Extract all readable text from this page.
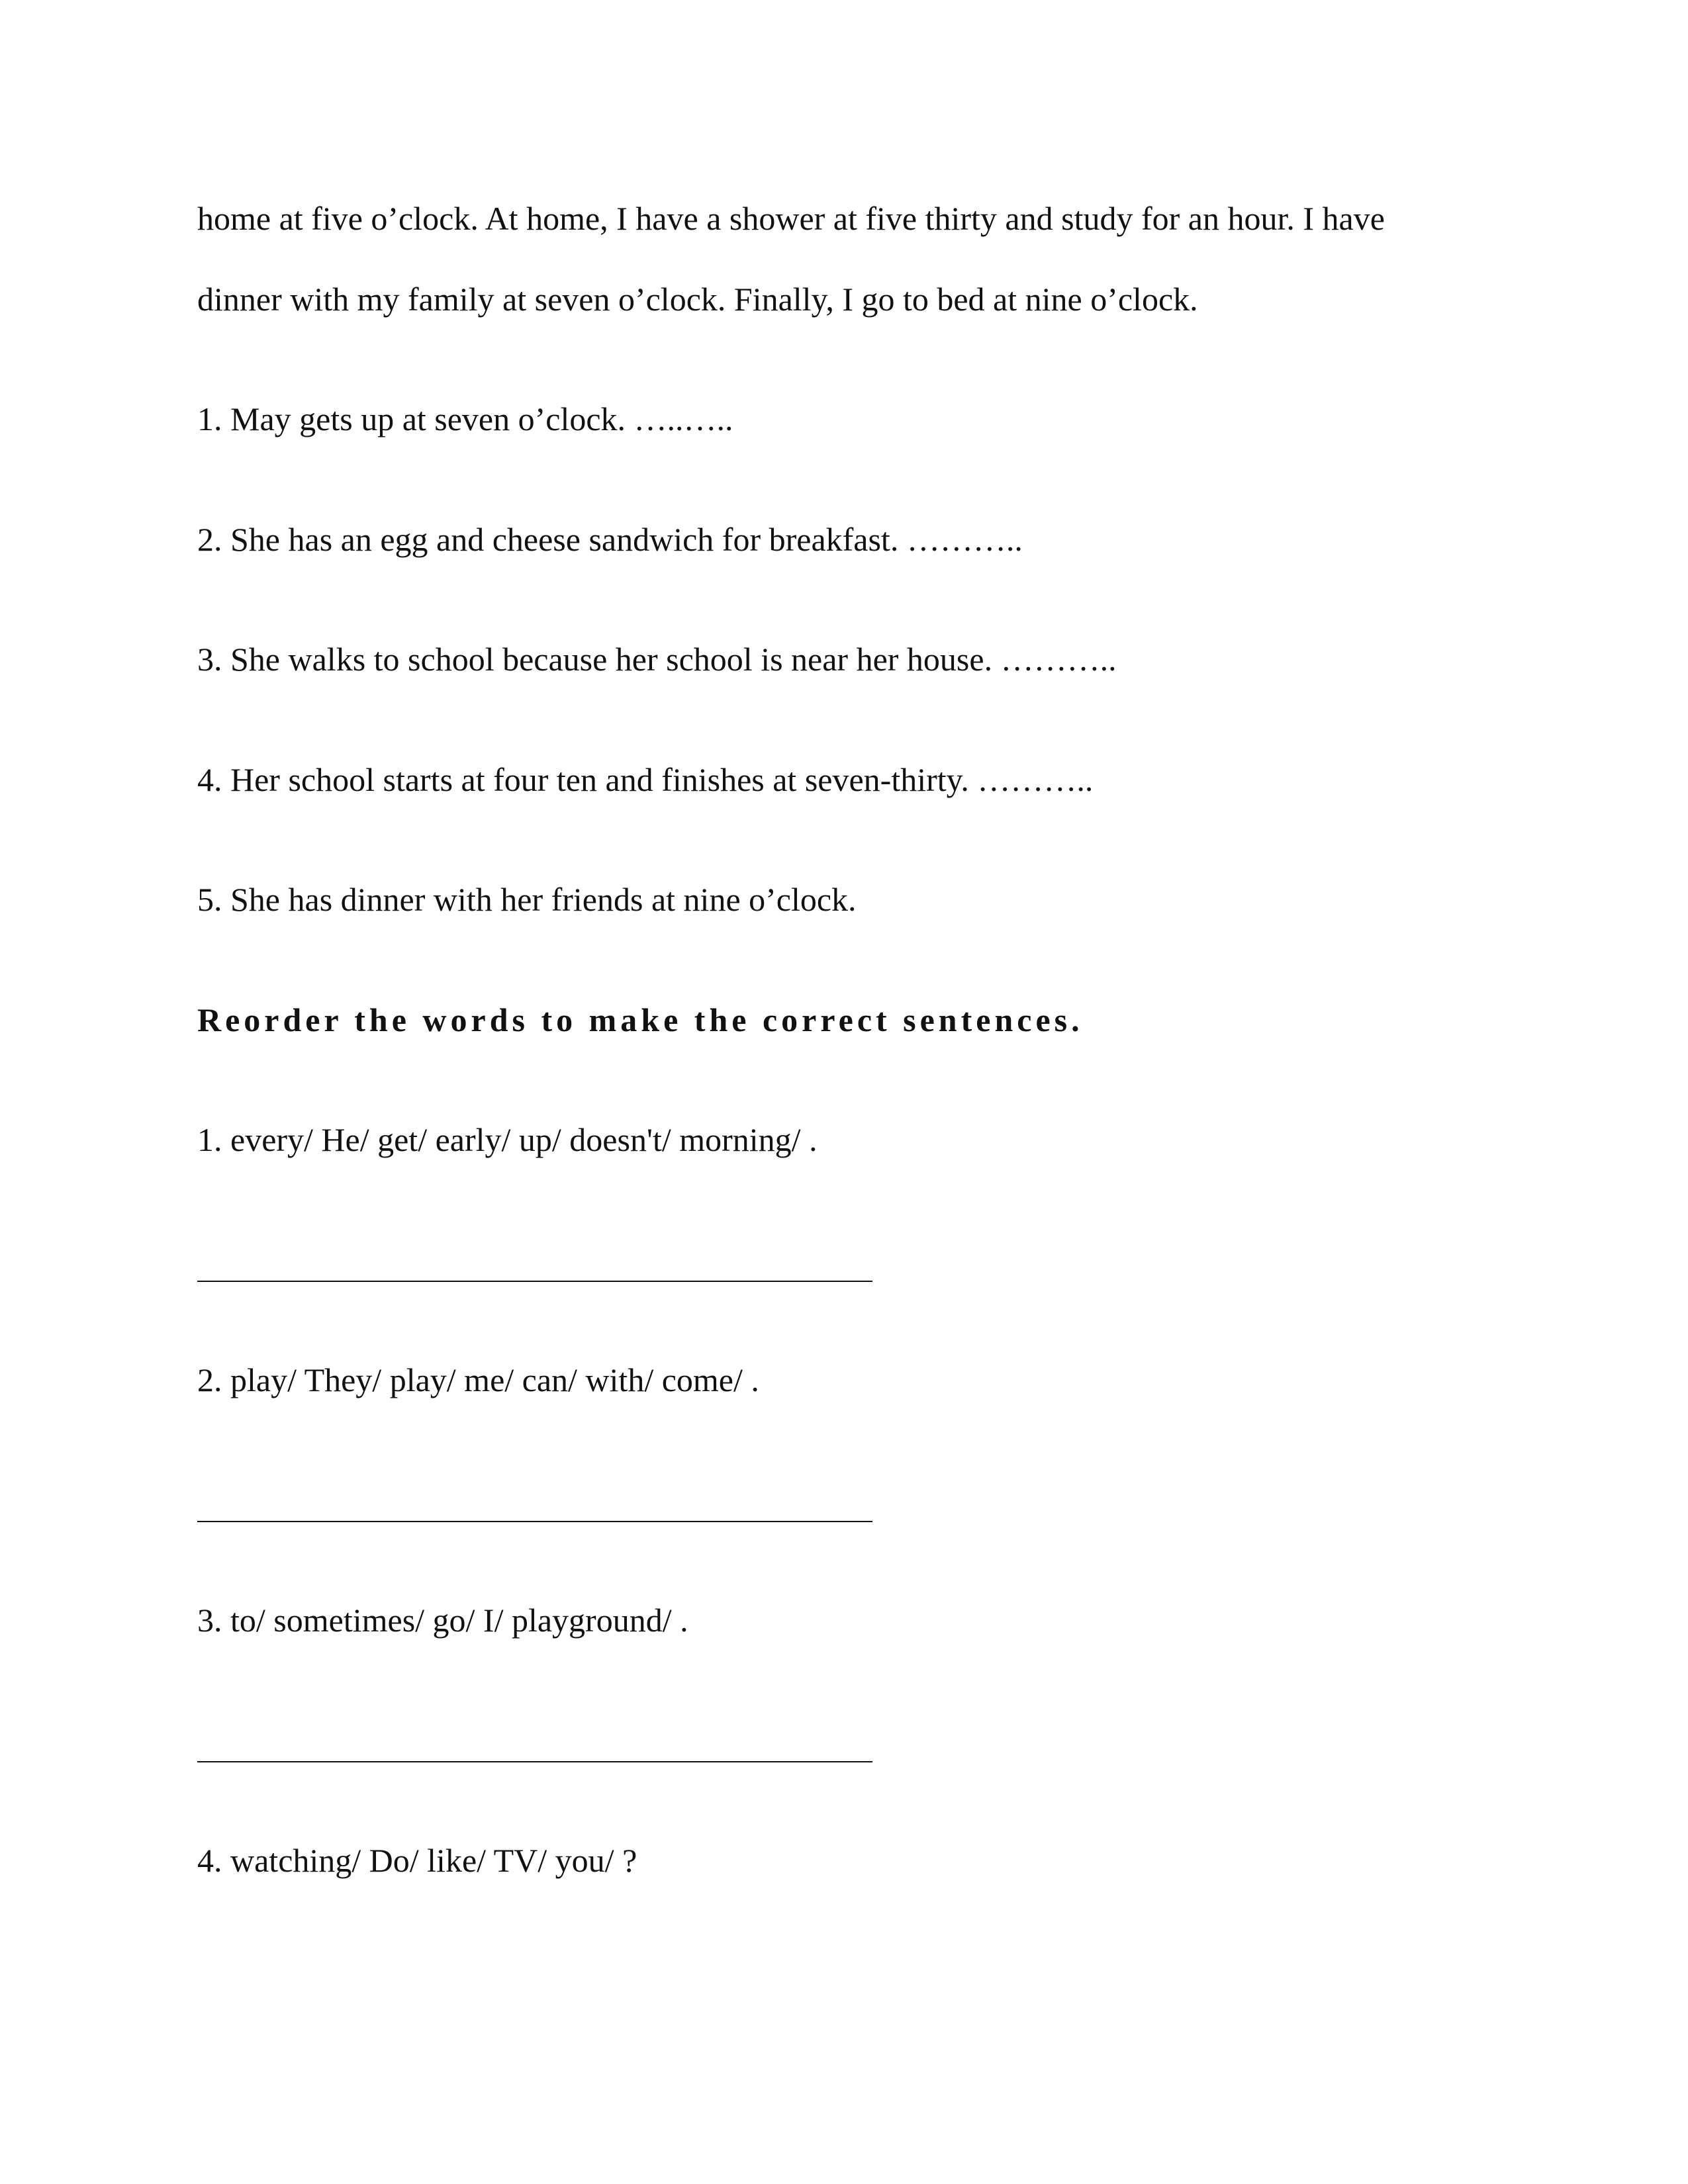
home at five o’clock. At home, I have a shower at five thirty and study for an hour. I have
dinner with my family at seven o’clock. Finally, I go to bed at nine o’clock.
1. May gets up at seven o’clock. …..…..
2. She has an egg and cheese sandwich for breakfast. ………..
3. She walks to school because her school is near her house. ………..
4. Her school starts at four ten and finishes at seven-thirty. ………..
5. She has dinner with her friends at nine o’clock.
Reorder the words to make the correct sentences.
1. every/ He/ get/ early/ up/ doesn't/ morning/ .
2. play/ They/ play/ me/ can/ with/ come/ .
3. to/ sometimes/ go/ I/ playground/ .
4. watching/ Do/ like/ TV/ you/ ?
